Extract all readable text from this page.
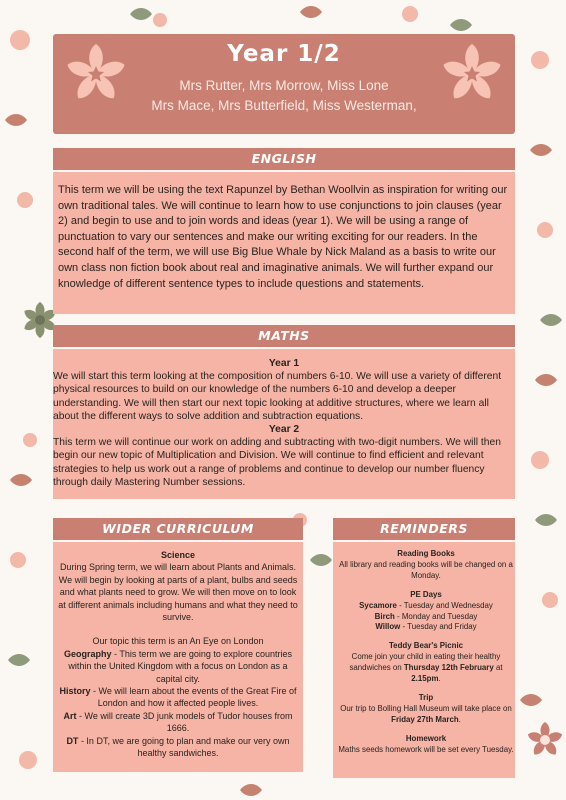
Year 1/2
Mrs Rutter, Mrs Morrow, Miss Lone
Mrs Mace, Mrs Butterfield, Miss Westerman,
ENGLISH
This term we will be using the text Rapunzel by Bethan Woollvin as inspiration for writing our own traditional tales. We will continue to learn how to use conjunctions to join clauses (year 2) and begin to use and to join words and ideas (year 1). We will be using a range of punctuation to vary our sentences and make our writing exciting for our readers. In the second half of the term, we will use Big Blue Whale by Nick Maland as a basis to write our own class non fiction book about real and imaginative animals. We will further expand our knowledge of different sentence types to include questions and statements.
MATHS

Year 1

We will start this term looking at the composition of numbers 6-10. We will use a variety of different physical resources to build on our knowledge of the numbers 6-10 and develop a deeper understanding. We will then start our next topic looking at additive structures, where we learn all about the different ways to solve addition and subtraction equations.

Year 2

This term we will continue our work on adding and subtracting with two-digit numbers. We will then begin our new topic of Multiplication and Division. We will continue to find efficient and relevant strategies to help us work out a range of problems and continue to develop our number fluency through daily Mastering Number sessions.

WIDER CURRICULUM

Science

During Spring term, we will learn about Plants and Animals. We will begin by looking at parts of a plant, bulbs and seeds and what plants need to grow. We will then move on to look at different animals including humans and what they need to survive.

Our topic this term is an An Eye on London

Geography - This term we are going to explore countries within the United Kingdom with a focus on London as a capital city.

History - We will learn about the events of the Great Fire of London and how it affected people lives.

Art - We will create 3D junk models of Tudor houses from 1666.

DT - In DT, we are going to plan and make our very own healthy sandwiches.

REMINDERS

Reading Books

All library and reading books will be changed on a Monday.

PE Days

Sycamore - Tuesday and Wednesday

Birch - Monday and Tuesday

Willow - Tuesday and Friday

Teddy Bear's Picnic

Come join your child in eating their healthy sandwiches on Thursday 12th February at 2.15pm.

Trip

Our trip to Bolling Hall Museum will take place on Friday 27th March.

Homework

Maths seeds homework will be set every Tuesday.
